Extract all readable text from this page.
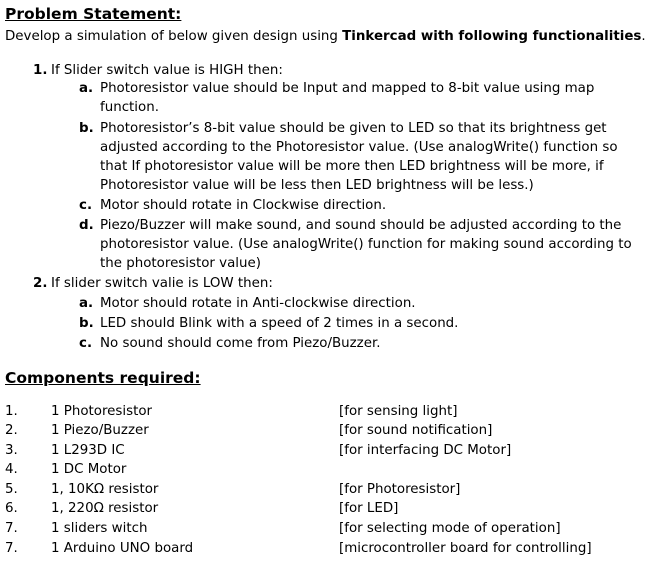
Problem Statement:
Develop a simulation of below given design using Tinkercad with following functionalities.
1. If Slider switch value is HIGH then:
a. Photoresistor value should be Input and mapped to 8-bit value using map
function.
b. Photoresistor’s 8-bit value should be given to LED so that its brightness get
adjusted according to the Photoresistor value. (Use analogWrite() function so
that If photoresistor value will be more then LED brightness will be more, if
Photoresistor value will be less then LED brightness will be less.)
c. Motor should rotate in Clockwise direction.
d. Piezo/Buzzer will make sound, and sound should be adjusted according to the
photoresistor value. (Use analogWrite() function for making sound according to
the photoresistor value)
2. If slider switch valie is LOW then:
a. Motor should rotate in Anti-clockwise direction.
b. LED should Blink with a speed of 2 times in a second.
c. No sound should come from Piezo/Buzzer.
Components required:
1. 1 Photoresistor	[for sensing light]
2. 1 Piezo/Buzzer	[for sound notification]
3. 1 L293D IC	[for interfacing DC Motor]
4. 1 DC Motor
5. 1, 10KΩ resistor	[for Photoresistor]
6. 1, 220Ω resistor	[for LED]
7. 1 sliders witch	[for selecting mode of operation]
7. 1 Arduino UNO board	[microcontroller board for controlling]
